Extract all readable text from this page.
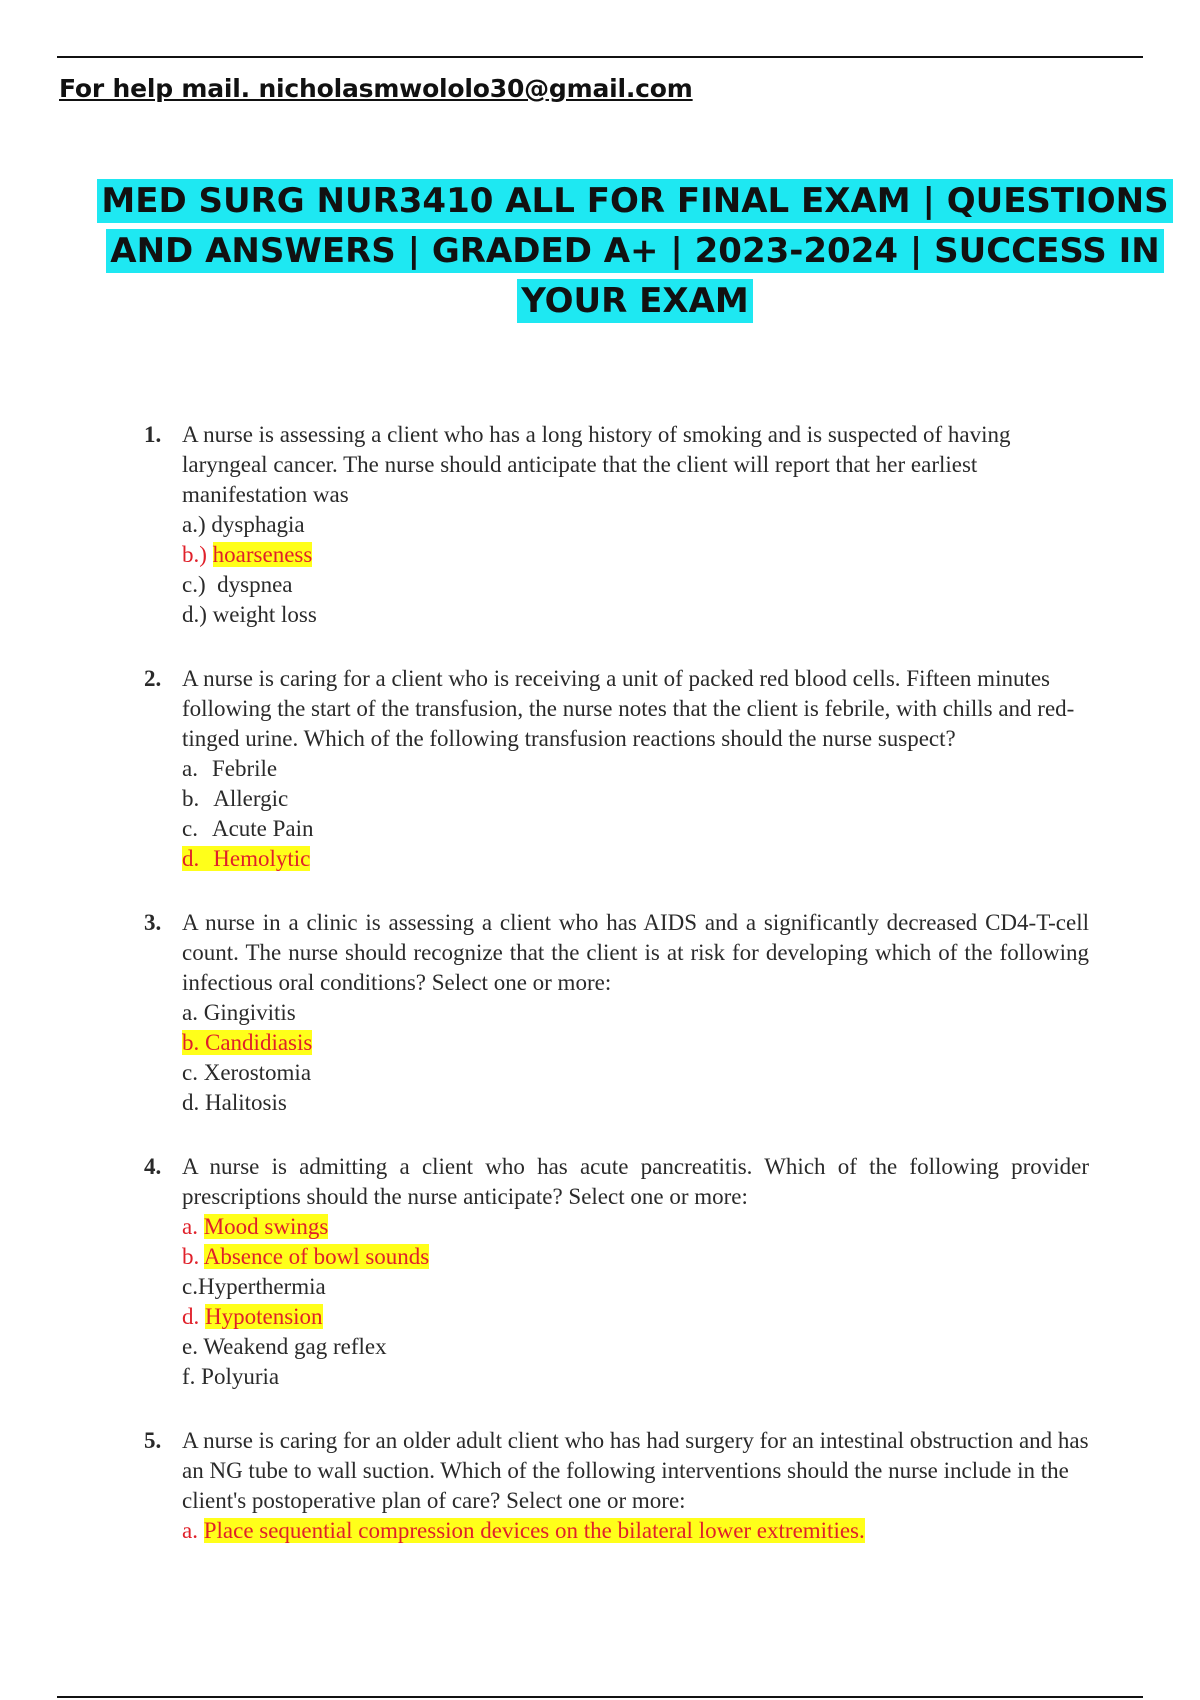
For help mail. nicholasmwololo30@gmail.com
MED SURG NUR3410 ALL FOR FINAL EXAM | QUESTIONS
AND ANSWERS | GRADED A+ | 2023-2024 | SUCCESS IN
YOUR EXAM
1. A nurse is assessing a client who has a long history of smoking and is suspected of having laryngeal cancer. The nurse should anticipate that the client will report that her earliest manifestation was
a.) dysphagia
b.) hoarseness
c.) dyspnea
d.) weight loss
2. A nurse is caring for a client who is receiving a unit of packed red blood cells. Fifteen minutes following the start of the transfusion, the nurse notes that the client is febrile, with chills and red-tinged urine. Which of the following transfusion reactions should the nurse suspect?
a. Febrile
b. Allergic
c. Acute Pain
d. Hemolytic
3. A nurse in a clinic is assessing a client who has AIDS and a significantly decreased CD4-T-cell count. The nurse should recognize that the client is at risk for developing which of the following infectious oral conditions? Select one or more:
a. Gingivitis
b. Candidiasis
c. Xerostomia
d. Halitosis
4. A nurse is admitting a client who has acute pancreatitis. Which of the following provider prescriptions should the nurse anticipate? Select one or more:
a. Mood swings
b. Absence of bowl sounds
c.Hyperthermia
d. Hypotension
e. Weakend gag reflex
f. Polyuria
5. A nurse is caring for an older adult client who has had surgery for an intestinal obstruction and has an NG tube to wall suction. Which of the following interventions should the nurse include in the client's postoperative plan of care? Select one or more:
a. Place sequential compression devices on the bilateral lower extremities.
